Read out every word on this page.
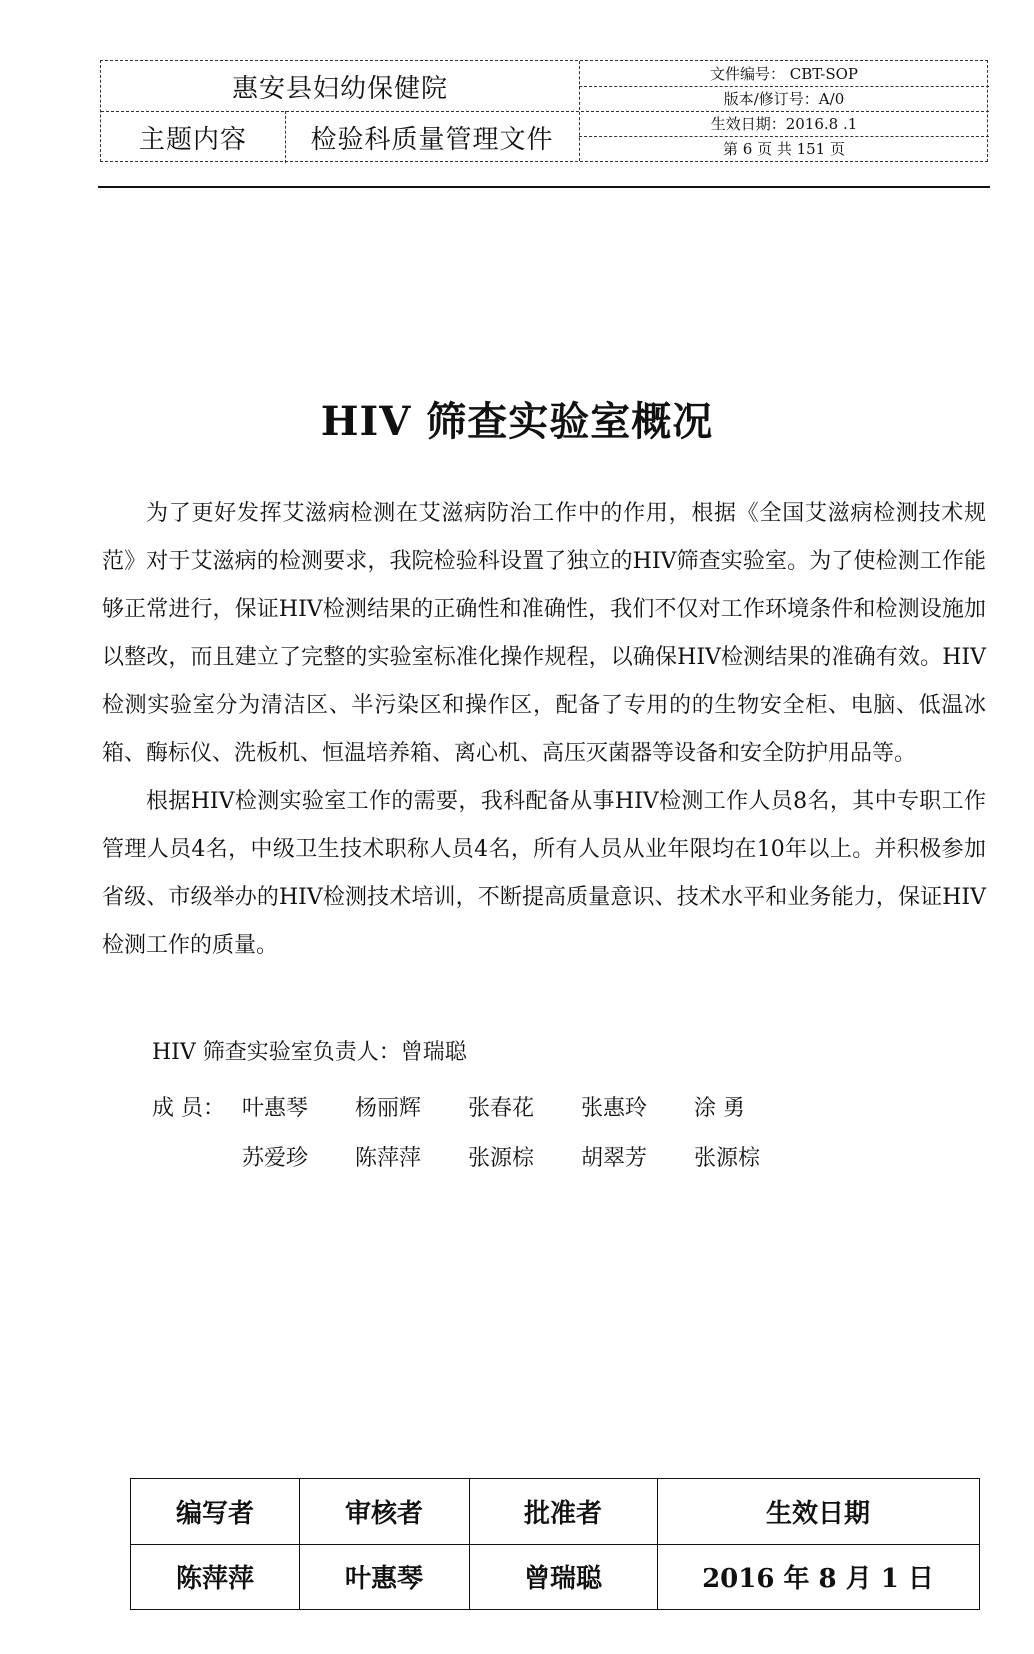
惠安县妇幼保健院
主题内容	检验科质量管理文件
文件编号： CBT-SOP
版本/修订号：A/0
生效日期：2016.8 .1
第 6 页 共 151 页
HIV 筛查实验室概况

为了更好发挥艾滋病检测在艾滋病防治工作中的作用，根据《全国艾滋病检测技术规范》对于艾滋病的检测要求，我院检验科设置了独立的HIV筛查实验室。为了使检测工作能够正常进行，保证HIV检测结果的正确性和准确性，我们不仅对工作环境条件和检测设施加以整改，而且建立了完整的实验室标准化操作规程，以确保HIV检测结果的准确有效。HIV检测实验室分为清洁区、半污染区和操作区，配备了专用的的生物安全柜、电脑、低温冰箱、酶标仪、洗板机、恒温培养箱、离心机、高压灭菌器等设备和安全防护用品等。

根据HIV检测实验室工作的需要，我科配备从事HIV检测工作人员8名，其中专职工作管理人员4名，中级卫生技术职称人员4名，所有人员从业年限均在10年以上。并积极参加省级、市级举办的HIV检测技术培训，不断提高质量意识、技术水平和业务能力，保证HIV检测工作的质量。

HIV 筛查实验室负责人：曾瑞聪
成 员： 叶惠琴	杨丽辉	张春花	张惠玲	涂 勇
苏爱珍	陈萍萍	张源棕	胡翠芳	张源棕
编写者	审核者	批准者	生效日期
陈萍萍	叶惠琴	曾瑞聪	2016 年 8 月 1 日
